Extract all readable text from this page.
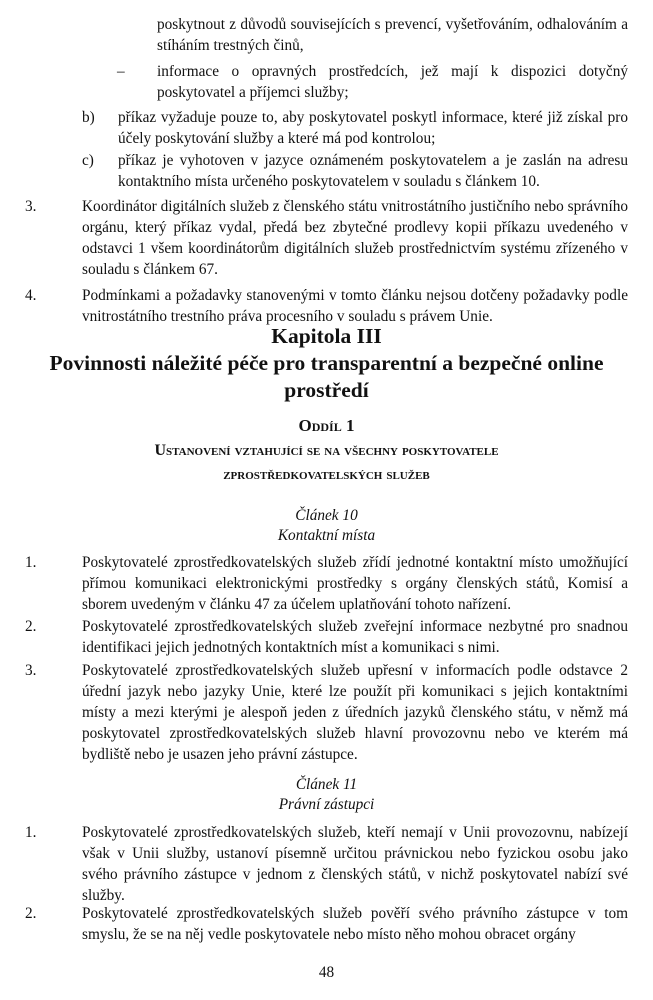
poskytnout z důvodů souvisejících s prevencí, vyšetřováním, odhalováním a stíháním trestných činů,
– informace o opravných prostředcích, jež mají k dispozici dotyčný poskytovatel a příjemci služby;
b) příkaz vyžaduje pouze to, aby poskytovatel poskytl informace, které již získal pro účely poskytování služby a které má pod kontrolou;
c) příkaz je vyhotoven v jazyce oznámeném poskytovatelem a je zaslán na adresu kontaktního místa určeného poskytovatelem v souladu s článkem 10.
3.	Koordinátor digitálních služeb z členského státu vnitrostátního justičního nebo správního orgánu, který příkaz vydal, předá bez zbytečné prodlevy kopii příkazu uvedeného v odstavci 1 všem koordinátorům digitálních služeb prostřednictvím systému zřízeného v souladu s článkem 67.
4.	Podmínkami a požadavky stanovenými v tomto článku nejsou dotčeny požadavky podle vnitrostátního trestního práva procesního v souladu s právem Unie.
Kapitola III
Povinnosti náležité péče pro transparentní a bezpečné online prostředí
Oddíl 1
Ustanovení vztahující se na všechny poskytovatele zprostředkovatelských služeb
Článek 10
Kontaktní místa
1.	Poskytovatelé zprostředkovatelských služeb zřídí jednotné kontaktní místo umožňující přímou komunikaci elektronickými prostředky s orgány členských států, Komisí a sborem uvedeným v článku 47 za účelem uplatňování tohoto nařízení.
2.	Poskytovatelé zprostředkovatelských služeb zveřejní informace nezbytné pro snadnou identifikaci jejich jednotných kontaktních míst a komunikaci s nimi.
3.	Poskytovatelé zprostředkovatelských služeb upřesní v informacích podle odstavce 2 úřední jazyk nebo jazyky Unie, které lze použít při komunikaci s jejich kontaktními místy a mezi kterými je alespoň jeden z úředních jazyků členského státu, v němž má poskytovatel zprostředkovatelských služeb hlavní provozovnu nebo ve kterém má bydliště nebo je usazen jeho právní zástupce.
Článek 11
Právní zástupci
1.	Poskytovatelé zprostředkovatelských služeb, kteří nemají v Unii provozovnu, nabízejí však v Unii služby, ustanoví písemně určitou právnickou nebo fyzickou osobu jako svého právního zástupce v jednom z členských států, v nichž poskytovatel nabízí své služby.
2.	Poskytovatelé zprostředkovatelských služeb pověří svého právního zástupce v tom smyslu, že se na něj vedle poskytovatele nebo místo něho mohou obracet orgány
48
